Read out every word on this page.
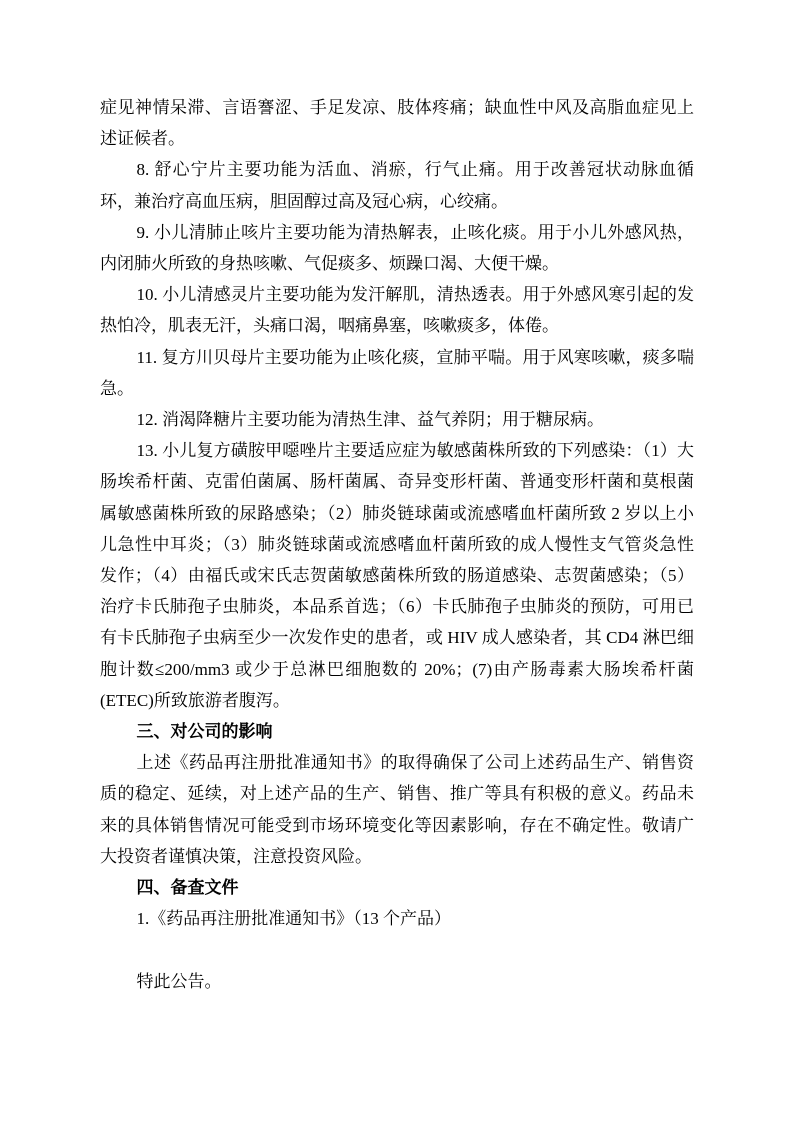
症见神情呆滞、言语謇涩、手足发凉、肢体疼痛；缺血性中风及高脂血症见上述证候者。

8. 舒心宁片主要功能为活血、消瘀，行气止痛。用于改善冠状动脉血循环，兼治疗高血压病，胆固醇过高及冠心病，心绞痛。

9. 小儿清肺止咳片主要功能为清热解表，止咳化痰。用于小儿外感风热，内闭肺火所致的身热咳嗽、气促痰多、烦躁口渴、大便干燥。

10. 小儿清感灵片主要功能为发汗解肌，清热透表。用于外感风寒引起的发热怕冷，肌表无汗，头痛口渴，咽痛鼻塞，咳嗽痰多，体倦。

11. 复方川贝母片主要功能为止咳化痰，宣肺平喘。用于风寒咳嗽，痰多喘急。

12. 消渴降糖片主要功能为清热生津、益气养阴；用于糖尿病。

13. 小儿复方磺胺甲噁唑片主要适应症为敏感菌株所致的下列感染：（1）大肠埃希杆菌、克雷伯菌属、肠杆菌属、奇异变形杆菌、普通变形杆菌和莫根菌属敏感菌株所致的尿路感染；（2）肺炎链球菌或流感嗜血杆菌所致 2 岁以上小儿急性中耳炎；（3）肺炎链球菌或流感嗜血杆菌所致的成人慢性支气管炎急性发作；（4）由福氏或宋氏志贺菌敏感菌株所致的肠道感染、志贺菌感染；（5）治疗卡氏肺孢子虫肺炎，本品系首选；（6）卡氏肺孢子虫肺炎的预防，可用已有卡氏肺孢子虫病至少一次发作史的患者，或 HIV 成人感染者，其 CD4 淋巴细胞计数≤200/mm3 或少于总淋巴细胞数的 20%；(7)由产肠毒素大肠埃希杆菌(ETEC)所致旅游者腹泻。

三、对公司的影响

上述《药品再注册批准通知书》的取得确保了公司上述药品生产、销售资质的稳定、延续，对上述产品的生产、销售、推广等具有积极的意义。药品未来的具体销售情况可能受到市场环境变化等因素影响，存在不确定性。敬请广大投资者谨慎决策，注意投资风险。

四、备查文件

1.《药品再注册批准通知书》（13 个产品）

特此公告。
